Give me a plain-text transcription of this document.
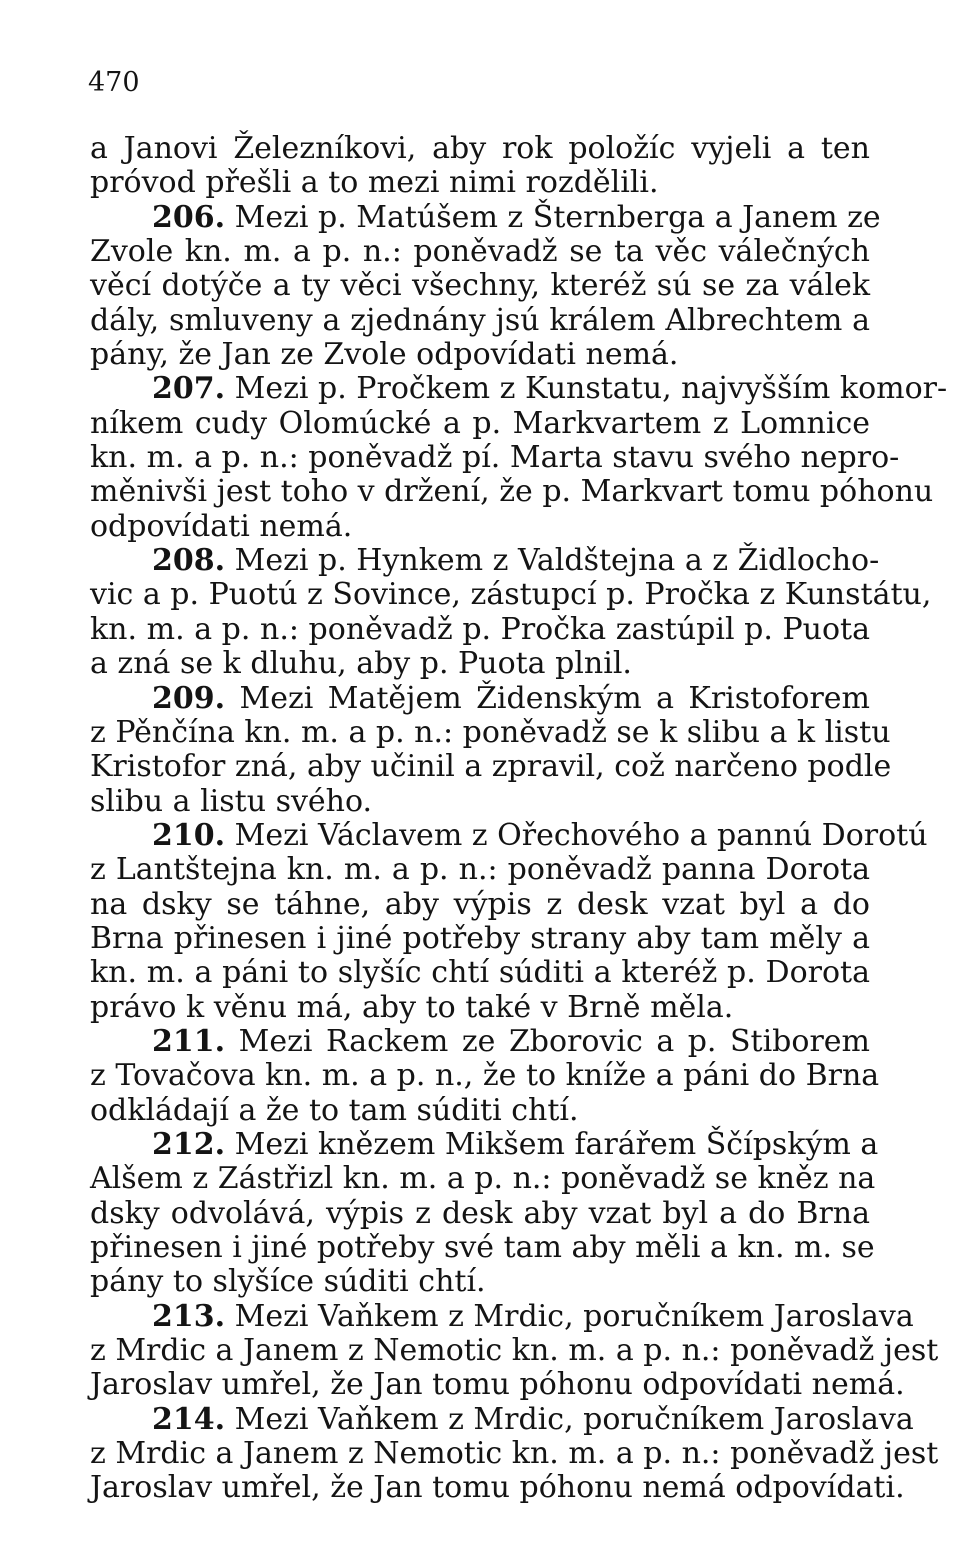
470
a Janovi Železníkovi, aby rok položíc vyjeli a ten
próvod přešli a to mezi nimi rozdělili.
206. Mezi p. Matúšem z Šternberga a Janem ze
Zvole kn. m. a p. n.: poněvadž se ta věc válečných
věcí dotýče a ty věci všechny, kteréž sú se za válek
dály, smluveny a zjednány jsú králem Albrechtem a
pány, že Jan ze Zvole odpovídati nemá.
207. Mezi p. Pročkem z Kunstatu, najvyšším komor-
níkem cudy Olomúcké a p. Markvartem z Lomnice
kn. m. a p. n.: poněvadž pí. Marta stavu svého nepro-
měnivši jest toho v držení, že p. Markvart tomu póhonu
odpovídati nemá.
208. Mezi p. Hynkem z Valdštejna a z Židlocho-
vic a p. Puotú z Sovince, zástupcí p. Pročka z Kunstátu,
kn. m. a p. n.: poněvadž p. Pročka zastúpil p. Puota
a zná se k dluhu, aby p. Puota plnil.
209. Mezi Matějem Židenským a Kristoforem
z Pěnčína kn. m. a p. n.: poněvadž se k slibu a k listu
Kristofor zná, aby učinil a zpravil, což narčeno podle
slibu a listu svého.
210. Mezi Václavem z Ořechového a pannú Dorotú
z Lantštejna kn. m. a p. n.: poněvadž panna Dorota
na dsky se táhne, aby výpis z desk vzat byl a do
Brna přinesen i jiné potřeby strany aby tam měly a
kn. m. a páni to slyšíc chtí súditi a kteréž p. Dorota
právo k věnu má, aby to také v Brně měla.
211. Mezi Rackem ze Zborovic a p. Stiborem
z Tovačova kn. m. a p. n., že to kníže a páni do Brna
odkládají a že to tam súditi chtí.
212. Mezi knězem Mikšem farářem Ščípským a
Alšem z Zástřizl kn. m. a p. n.: poněvadž se kněz na
dsky odvolává, výpis z desk aby vzat byl a do Brna
přinesen i jiné potřeby své tam aby měli a kn. m. se
pány to slyšíce súditi chtí.
213. Mezi Vaňkem z Mrdic, poručníkem Jaroslava
z Mrdic a Janem z Nemotic kn. m. a p. n.: poněvadž jest
Jaroslav umřel, že Jan tomu póhonu odpovídati nemá.
214. Mezi Vaňkem z Mrdic, poručníkem Jaroslava
z Mrdic a Janem z Nemotic kn. m. a p. n.: poněvadž jest
Jaroslav umřel, že Jan tomu póhonu nemá odpovídati.
